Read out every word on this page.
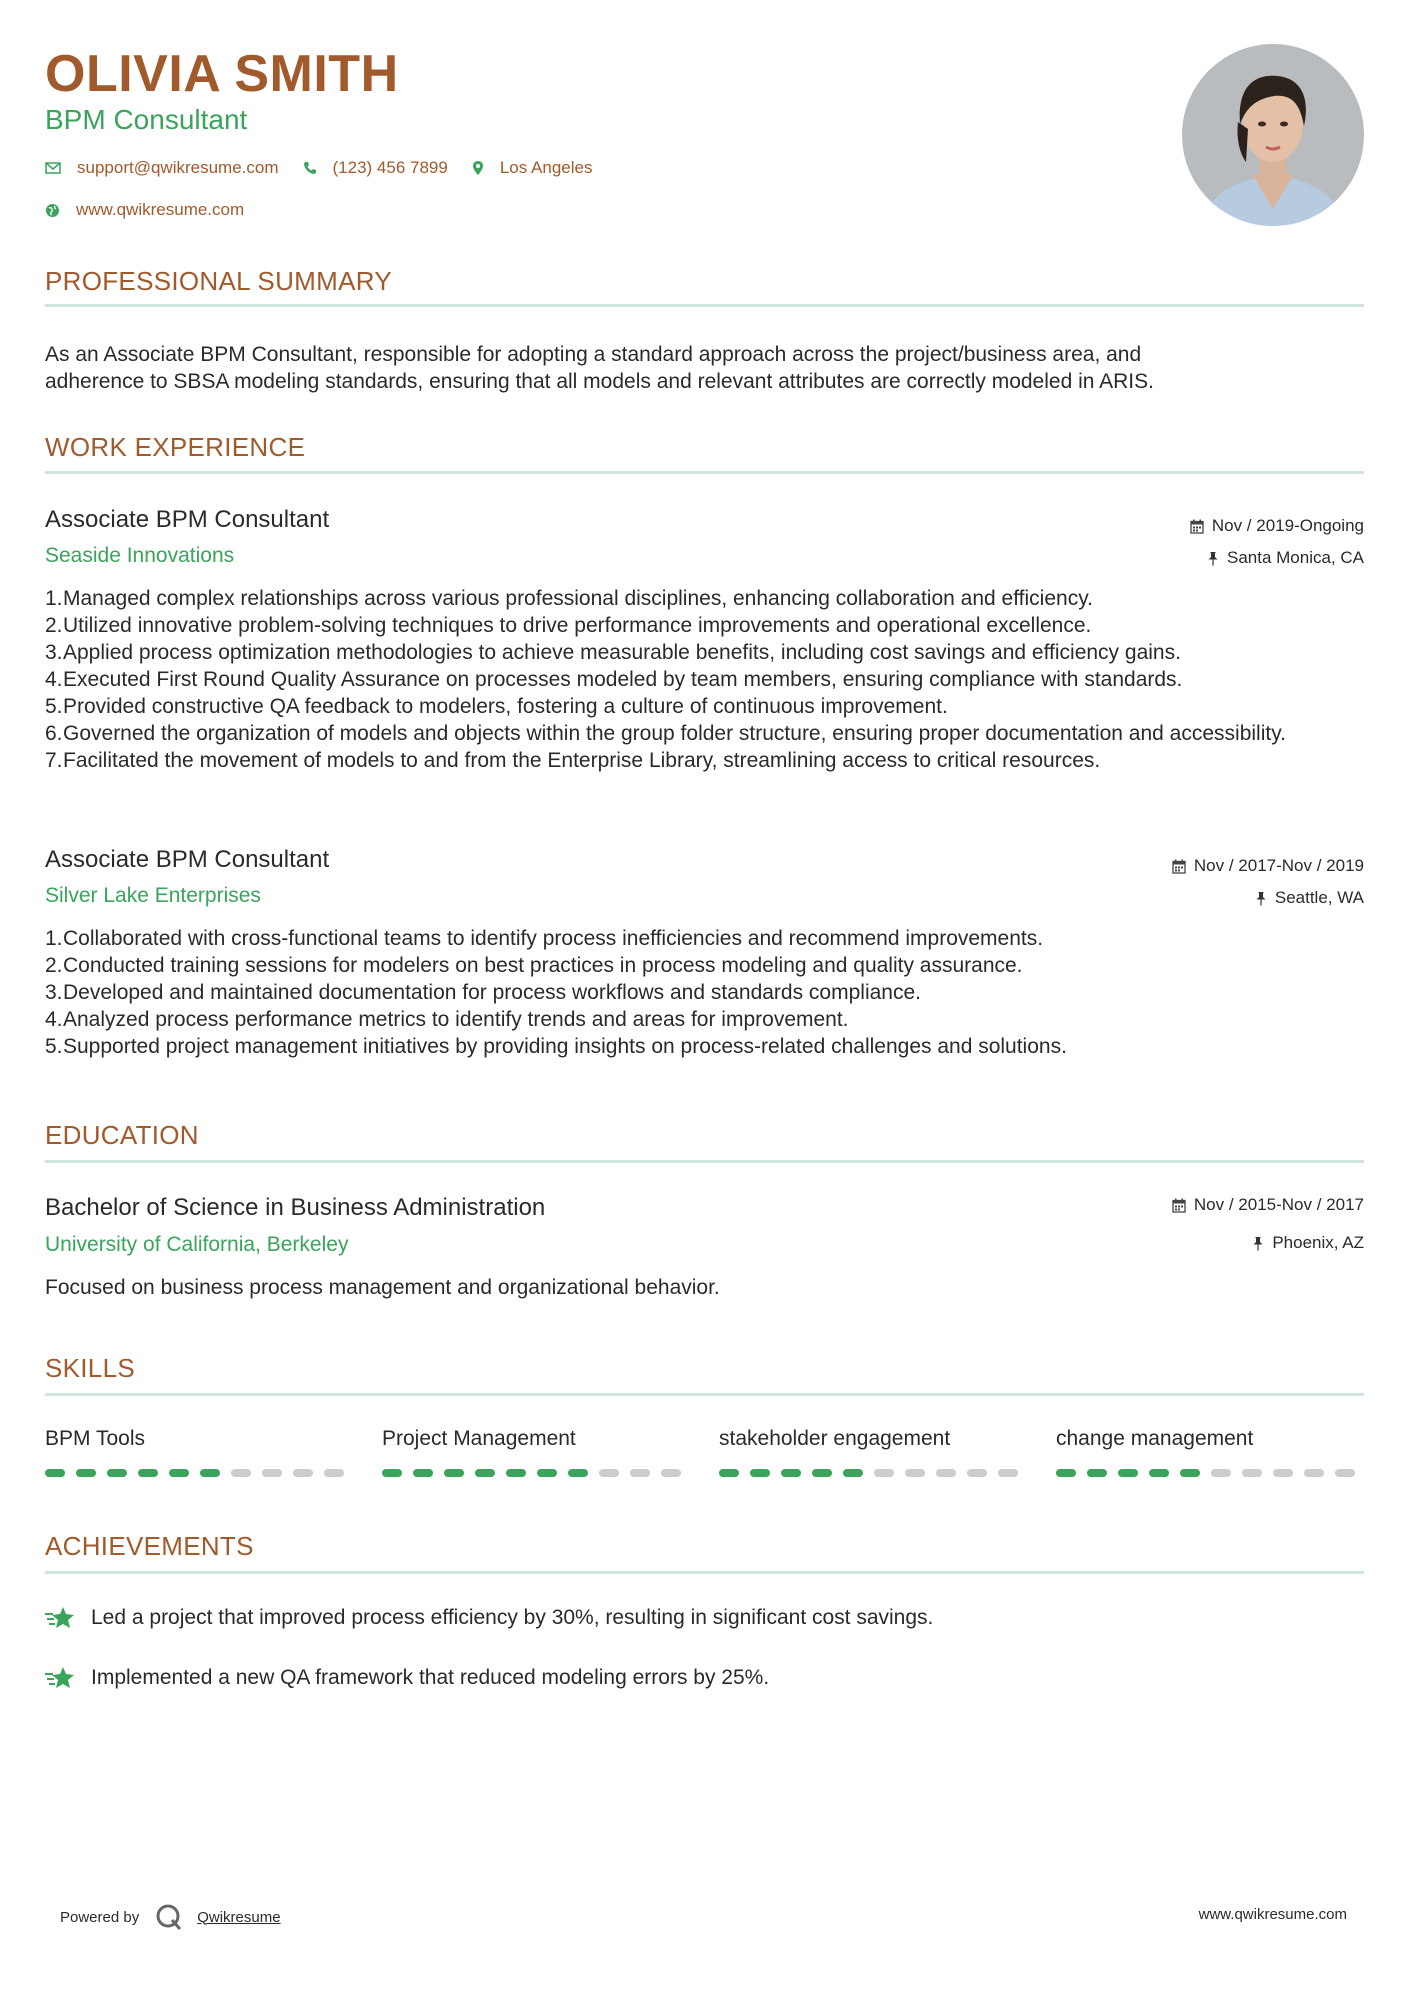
OLIVIA SMITH
BPM Consultant
support@qwikresume.com	(123) 456 7899	Los Angeles
www.qwikresume.com
PROFESSIONAL SUMMARY
As an Associate BPM Consultant, responsible for adopting a standard approach across the project/business area, and
adherence to SBSA modeling standards, ensuring that all models and relevant attributes are correctly modeled in ARIS.
WORK EXPERIENCE
Associate BPM Consultant
Seaside Innovations
Nov / 2019-Ongoing
Santa Monica, CA
1. Managed complex relationships across various professional disciplines, enhancing collaboration and efficiency.
2. Utilized innovative problem-solving techniques to drive performance improvements and operational excellence.
3. Applied process optimization methodologies to achieve measurable benefits, including cost savings and efficiency gains.
4. Executed First Round Quality Assurance on processes modeled by team members, ensuring compliance with standards.
5. Provided constructive QA feedback to modelers, fostering a culture of continuous improvement.
6. Governed the organization of models and objects within the group folder structure, ensuring proper documentation and accessibility.
7. Facilitated the movement of models to and from the Enterprise Library, streamlining access to critical resources.
Associate BPM Consultant
Silver Lake Enterprises
Nov / 2017-Nov / 2019
Seattle, WA
1. Collaborated with cross-functional teams to identify process inefficiencies and recommend improvements.
2. Conducted training sessions for modelers on best practices in process modeling and quality assurance.
3. Developed and maintained documentation for process workflows and standards compliance.
4. Analyzed process performance metrics to identify trends and areas for improvement.
5. Supported project management initiatives by providing insights on process-related challenges and solutions.
EDUCATION
Bachelor of Science in Business Administration
University of California, Berkeley
Nov / 2015-Nov / 2017
Phoenix, AZ
Focused on business process management and organizational behavior.
SKILLS
BPM Tools	Project Management	stakeholder engagement	change management
ACHIEVEMENTS
Led a project that improved process efficiency by 30%, resulting in significant cost savings.
Implemented a new QA framework that reduced modeling errors by 25%.
Powered by	Qwikresume	www.qwikresume.com
